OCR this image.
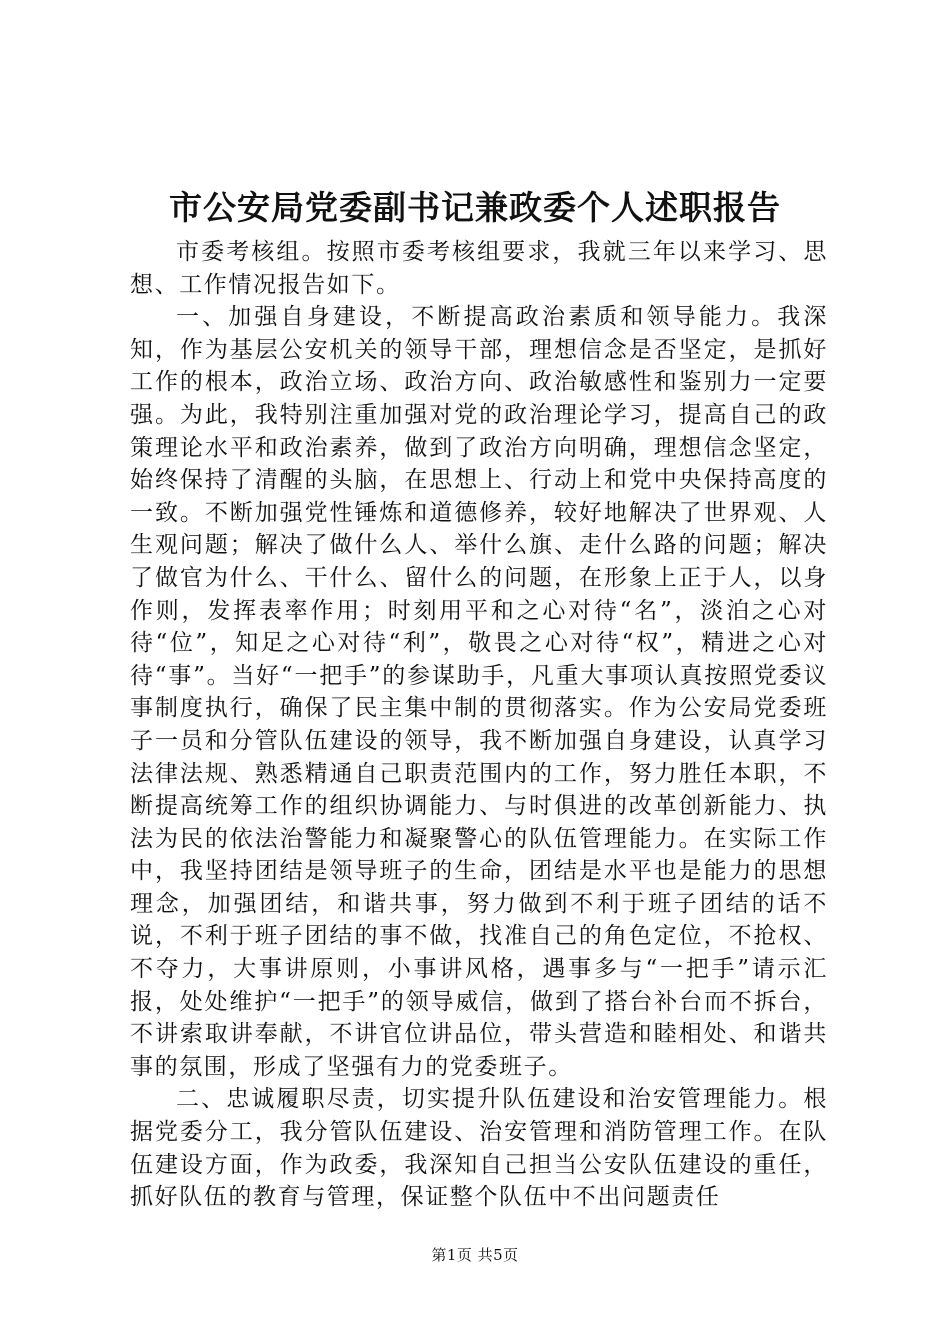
市公安局党委副书记兼政委个人述职报告

市委考核组。按照市委考核组要求，我就三年以来学习、思想、工作情况报告如下。

一、加强自身建设，不断提高政治素质和领导能力。我深知，作为基层公安机关的领导干部，理想信念是否坚定，是抓好工作的根本，政治立场、政治方向、政治敏感性和鉴别力一定要强。为此，我特别注重加强对党的政治理论学习，提高自己的政策理论水平和政治素养，做到了政治方向明确，理想信念坚定，始终保持了清醒的头脑，在思想上、行动上和党中央保持高度的一致。不断加强党性锤炼和道德修养，较好地解决了世界观、人生观问题；解决了做什么人、举什么旗、走什么路的问题；解决了做官为什么、干什么、留什么的问题，在形象上正于人，以身作则，发挥表率作用；时刻用平和之心对待“名”，淡泊之心对待“位”，知足之心对待“利”，敬畏之心对待“权”，精进之心对待“事”。当好“一把手”的参谋助手，凡重大事项认真按照党委议事制度执行，确保了民主集中制的贯彻落实。作为公安局党委班子一员和分管队伍建设的领导，我不断加强自身建设，认真学习法律法规、熟悉精通自己职责范围内的工作，努力胜任本职，不断提高统筹工作的组织协调能力、与时俱进的改革创新能力、执法为民的依法治警能力和凝聚警心的队伍管理能力。在实际工作中，我坚持团结是领导班子的生命，团结是水平也是能力的思想理念，加强团结，和谐共事，努力做到不利于班子团结的话不说，不利于班子团结的事不做，找准自己的角色定位，不抢权、不夺力，大事讲原则，小事讲风格，遇事多与“一把手”请示汇报，处处维护“一把手”的领导威信，做到了搭台补台而不拆台，不讲索取讲奉献，不讲官位讲品位，带头营造和睦相处、和谐共事的氛围，形成了坚强有力的党委班子。

二、忠诚履职尽责，切实提升队伍建设和治安管理能力。根据党委分工，我分管队伍建设、治安管理和消防管理工作。在队伍建设方面，作为政委，我深知自己担当公安队伍建设的重任，抓好队伍的教育与管理，保证整个队伍中不出问题责任

第1页 共5页
